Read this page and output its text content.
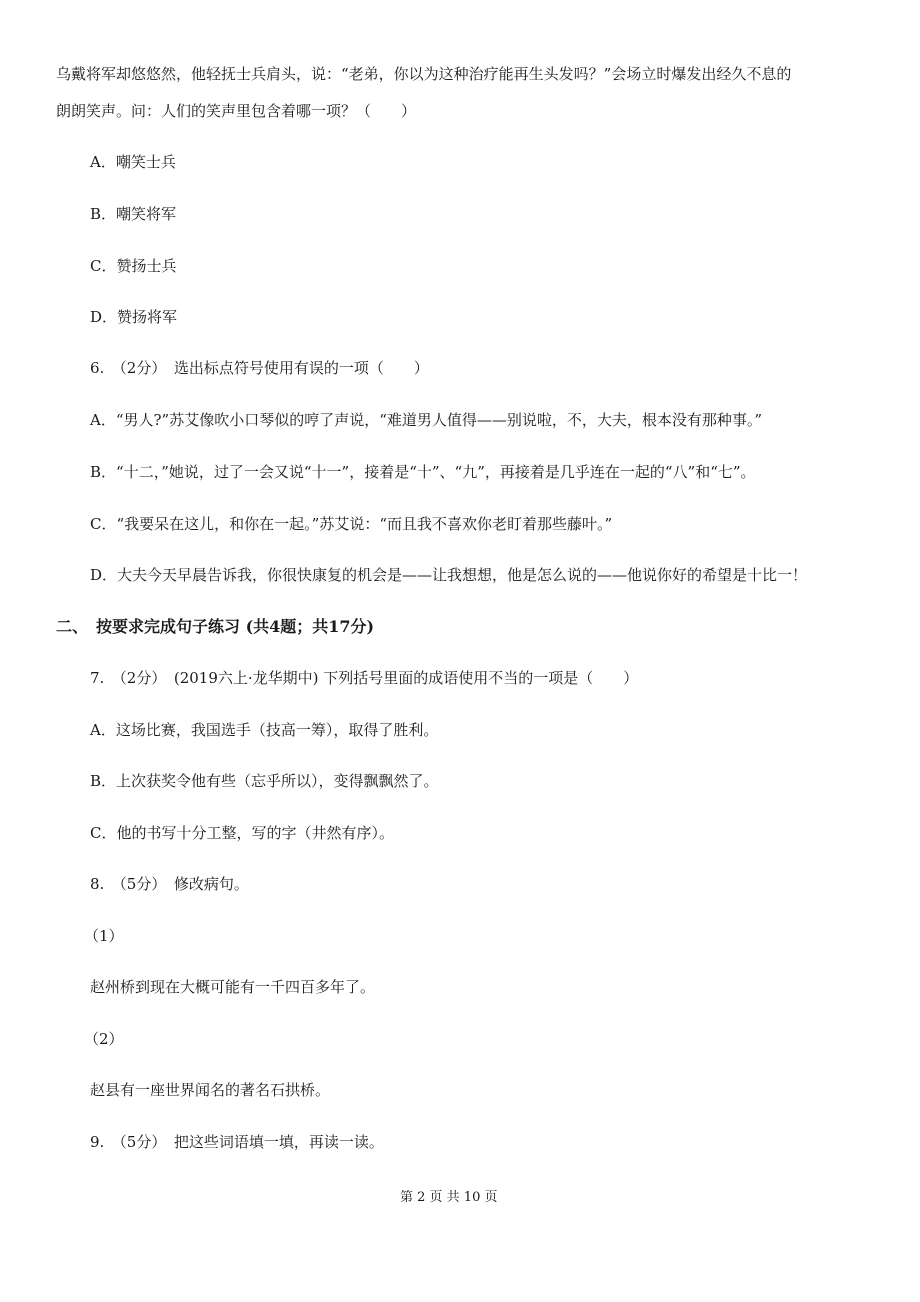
乌戴将军却悠悠然，他轻抚士兵肩头，说：“老弟，你以为这种治疗能再生头发吗？”会场立时爆发出经久不息的
朗朗笑声。问：人们的笑声里包含着哪一项？（　　）
A．嘲笑士兵
B．嘲笑将军
C．赞扬士兵
D．赞扬将军
6.　（2分）　选出标点符号使用有误的一项（　　）
A．“男人?”苏艾像吹小口琴似的哼了声说，“难道男人值得——别说啦，不，大夫，根本没有那种事。”
B．“十二，”她说，过了一会又说“十一”，接着是“十”、“九”，再接着是几乎连在一起的“八”和“七”。
C．“我要呆在这儿，和你在一起。”苏艾说：“而且我不喜欢你老盯着那些藤叶。”
D．大夫今天早晨告诉我，你很快康复的机会是——让我想想，他是怎么说的——他说你好的希望是十比一！
二、　按要求完成句子练习 (共4题；共17分)
7.　（2分）　(2019六上·龙华期中) 下列括号里面的成语使用不当的一项是（　　）
A．这场比赛，我国选手（技高一筹），取得了胜利。
B．上次获奖令他有些（忘乎所以），变得飘飘然了。
C．他的书写十分工整，写的字（井然有序）。
8.　（5分）　修改病句。
（1）
赵州桥到现在大概可能有一千四百多年了。
（2）
赵县有一座世界闻名的著名石拱桥。
9.　（5分）　把这些词语填一填，再读一读。
第 2 页 共 10 页
